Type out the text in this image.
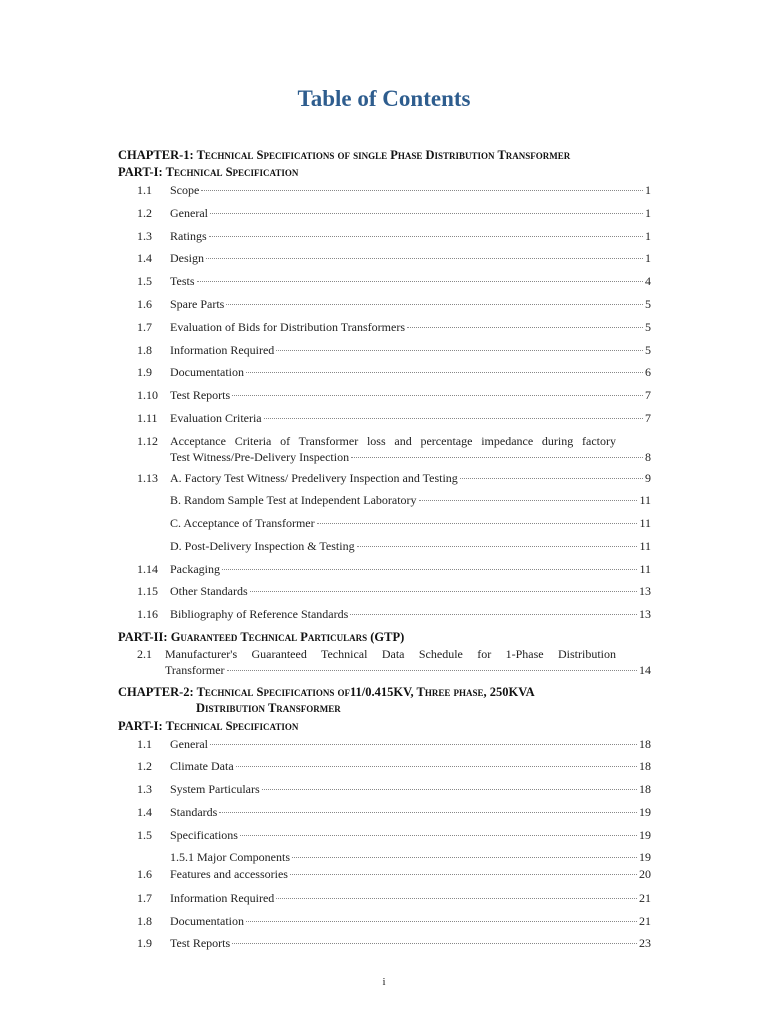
Table of Contents
CHAPTER-1: Technical Specifications of single Phase Distribution Transformer
PART-I: Technical Specification
1.1 Scope	1
1.2 General	1
1.3 Ratings	1
1.4 Design	1
1.5 Tests	4
1.6 Spare Parts	5
1.7 Evaluation of Bids for Distribution Transformers	5
1.8 Information Required	5
1.9 Documentation	6
1.10 Test Reports	7
1.11 Evaluation Criteria	7
1.12 Acceptance Criteria of Transformer loss and percentage impedance during factory
Test Witness/Pre-Delivery Inspection	8
1.13 A. Factory Test Witness/ Predelivery Inspection and Testing	9
B. Random Sample Test at Independent Laboratory	11
C. Acceptance of Transformer	11
D. Post-Delivery Inspection & Testing	11
1.14 Packaging	11
1.15 Other Standards	13
1.16 Bibliography of Reference Standards	13
PART-II: Guaranteed Technical Particulars (GTP)
2.1 Manufacturer's Guaranteed Technical Data Schedule for 1-Phase Distribution
Transformer	14
CHAPTER-2: Technical Specifications of11/0.415KV, Three phase, 250KVA
Distribution Transformer
PART-I: Technical Specification
1.1 General	18
1.2 Climate Data	18
1.3 System Particulars	18
1.4 Standards	19
1.5 Specifications	19
1.5.1 Major Components	19
1.6 Features and accessories	20
1.7 Information Required	21
1.8 Documentation	21
1.9 Test Reports	23
i
